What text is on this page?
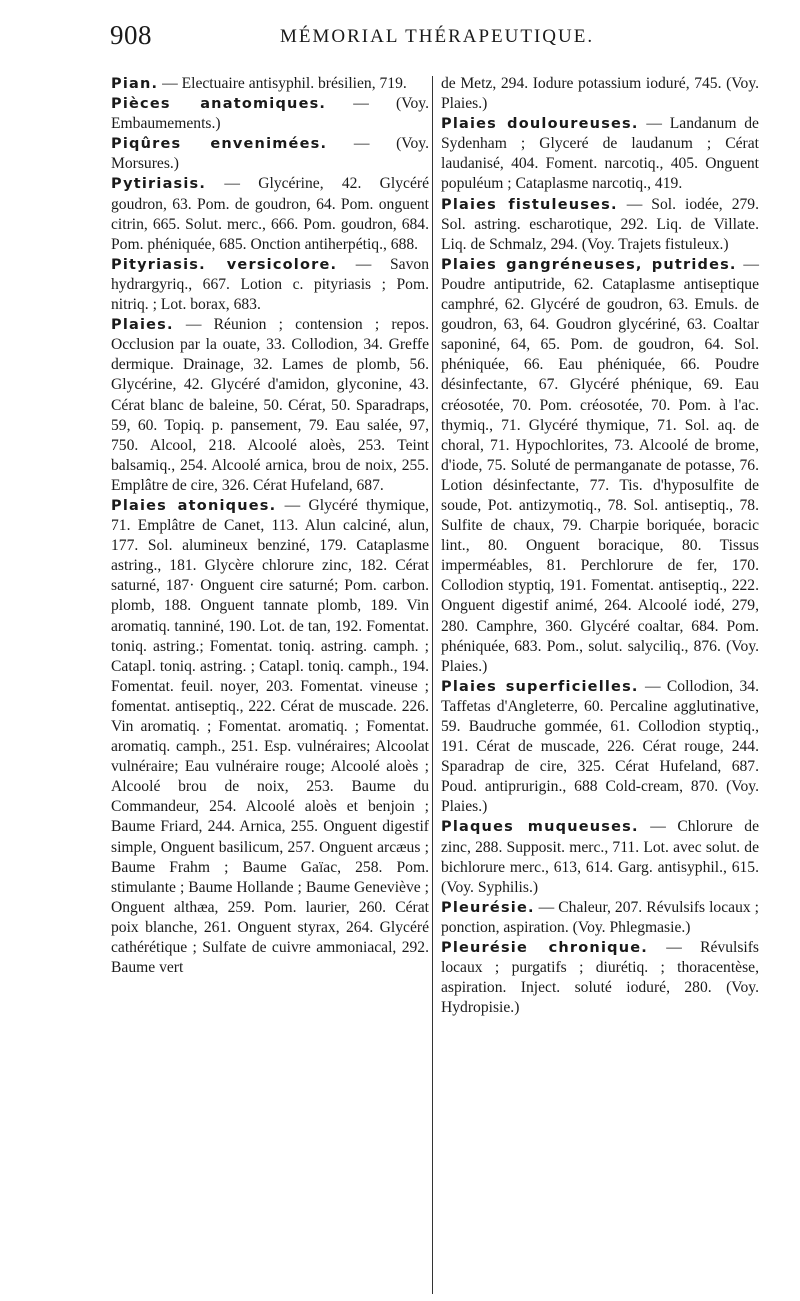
908	MÉMORIAL THÉRAPEUTIQUE.

Pian. — Electuaire antisyphil. brésilien, 719.

Pièces anatomiques. — (Voy. Embaumements.)

Piqûres envenimées. — (Voy. Morsures.)

Pytiriasis. — Glycérine, 42. Glycéré goudron, 63. Pom. de goudron, 64. Pom. onguent citrin, 665. Solut. merc., 666. Pom. goudron, 684. Pom. phéniquée, 685. Onction antiherpétiq., 688.

Pityriasis. versicolore. — Savon hydrargyriq., 667. Lotion c. pityriasis ; Pom. nitriq. ; Lot. borax, 683.

Plaies. — Réunion ; contension ; repos. Occlusion par la ouate, 33. Collodion, 34. Greffe dermique. Drainage, 32. Lames de plomb, 56. Glycérine, 42. Glycéré d'amidon, glyconine, 43. Cérat blanc de baleine, 50. Cérat, 50. Sparadraps, 59, 60. Topiq. p. pansement, 79. Eau salée, 97, 750. Alcool, 218. Alcoolé aloès, 253. Teint balsamiq., 254. Alcoolé arnica, brou de noix, 255. Emplâtre de cire, 326. Cérat Hufeland, 687.

Plaies atoniques. — Glycéré thymique, 71. Emplâtre de Canet, 113. Alun calciné, alun, 177. Sol. alumineux benziné, 179. Cataplasme astring., 181. Glycère chlorure zinc, 182. Cérat saturné, 187· Onguent cire saturné; Pom. carbon. plomb, 188. Onguent tannate plomb, 189. Vin aromatiq. tanniné, 190. Lot. de tan, 192. Fomentat. toniq. astring.; Fomentat. toniq. astring. camph. ; Catapl. toniq. astring. ; Catapl. toniq. camph., 194. Fomentat. feuil. noyer, 203. Fomentat. vineuse ; fomentat. antiseptiq., 222. Cérat de muscade. 226. Vin aromatiq. ; Fomentat. aromatiq. ; Fomentat. aromatiq. camph., 251. Esp. vulnéraires; Alcoolat vulnéraire; Eau vulnéraire rouge; Alcoolé aloès ; Alcoolé brou de noix, 253. Baume du Commandeur, 254. Alcoolé aloès et benjoin ; Baume Friard, 244. Arnica, 255. Onguent digestif simple, Onguent basilicum, 257. Onguent arcæus ; Baume Frahm ; Baume Gaïac, 258. Pom. stimulante ; Baume Hollande ; Baume Geneviève ; Onguent althæa, 259. Pom. laurier, 260. Cérat poix blanche, 261. Onguent styrax, 264. Glycéré cathérétique ; Sulfate de cuivre ammoniacal, 292. Baume vert

de Metz, 294. Iodure potassium ioduré, 745. (Voy. Plaies.)

Plaies douloureuses. — Landanum de Sydenham ; Glyceré de laudanum ; Cérat laudanisé, 404. Foment. narcotiq., 405. Onguent populéum ; Cataplasme narcotiq., 419.

Plaies fistuleuses. — Sol. iodée, 279. Sol. astring. escharotique, 292. Liq. de Villate. Liq. de Schmalz, 294. (Voy. Trajets fistuleux.)

Plaies gangréneuses, putrides. — Poudre antiputride, 62. Cataplasme antiseptique camphré, 62. Glycéré de goudron, 63. Emuls. de goudron, 63, 64. Goudron glycériné, 63. Coaltar saponiné, 64, 65. Pom. de goudron, 64. Sol. phéniquée, 66. Eau phéniquée, 66. Poudre désinfectante, 67. Glycéré phénique, 69. Eau créosotée, 70. Pom. créosotée, 70. Pom. à l'ac. thymiq., 71. Glycéré thymique, 71. Sol. aq. de choral, 71. Hypochlorites, 73. Alcoolé de brome, d'iode, 75. Soluté de permanganate de potasse, 76. Lotion désinfectante, 77. Tis. d'hyposulfite de soude, Pot. antizymotiq., 78. Sol. antiseptiq., 78. Sulfite de chaux, 79. Charpie boriquée, boracic lint., 80. Onguent boracique, 80. Tissus imperméables, 81. Perchlorure de fer, 170. Collodion styptiq, 191. Fomentat. antiseptiq., 222. Onguent digestif animé, 264. Alcoolé iodé, 279, 280. Camphre, 360. Glycéré coaltar, 684. Pom. phéniquée, 683. Pom., solut. salyciliq., 876. (Voy. Plaies.)

Plaies superficielles. — Collodion, 34. Taffetas d'Angleterre, 60. Percaline agglutinative, 59. Baudruche gommée, 61. Collodion styptiq., 191. Cérat de muscade, 226. Cérat rouge, 244. Sparadrap de cire, 325. Cérat Hufeland, 687. Poud. antiprurigin., 688 Cold-cream, 870. (Voy. Plaies.)

Plaques muqueuses. — Chlorure de zinc, 288. Supposit. merc., 711. Lot. avec solut. de bichlorure merc., 613, 614. Garg. antisyphil., 615. (Voy. Syphilis.)

Pleurésie. — Chaleur, 207. Révulsifs locaux ; ponction, aspiration. (Voy. Phlegmasie.)

Pleurésie chronique. — Révulsifs locaux ; purgatifs ; diurétiq. ; thoracentèse, aspiration. Inject. soluté ioduré, 280. (Voy. Hydropisie.)
